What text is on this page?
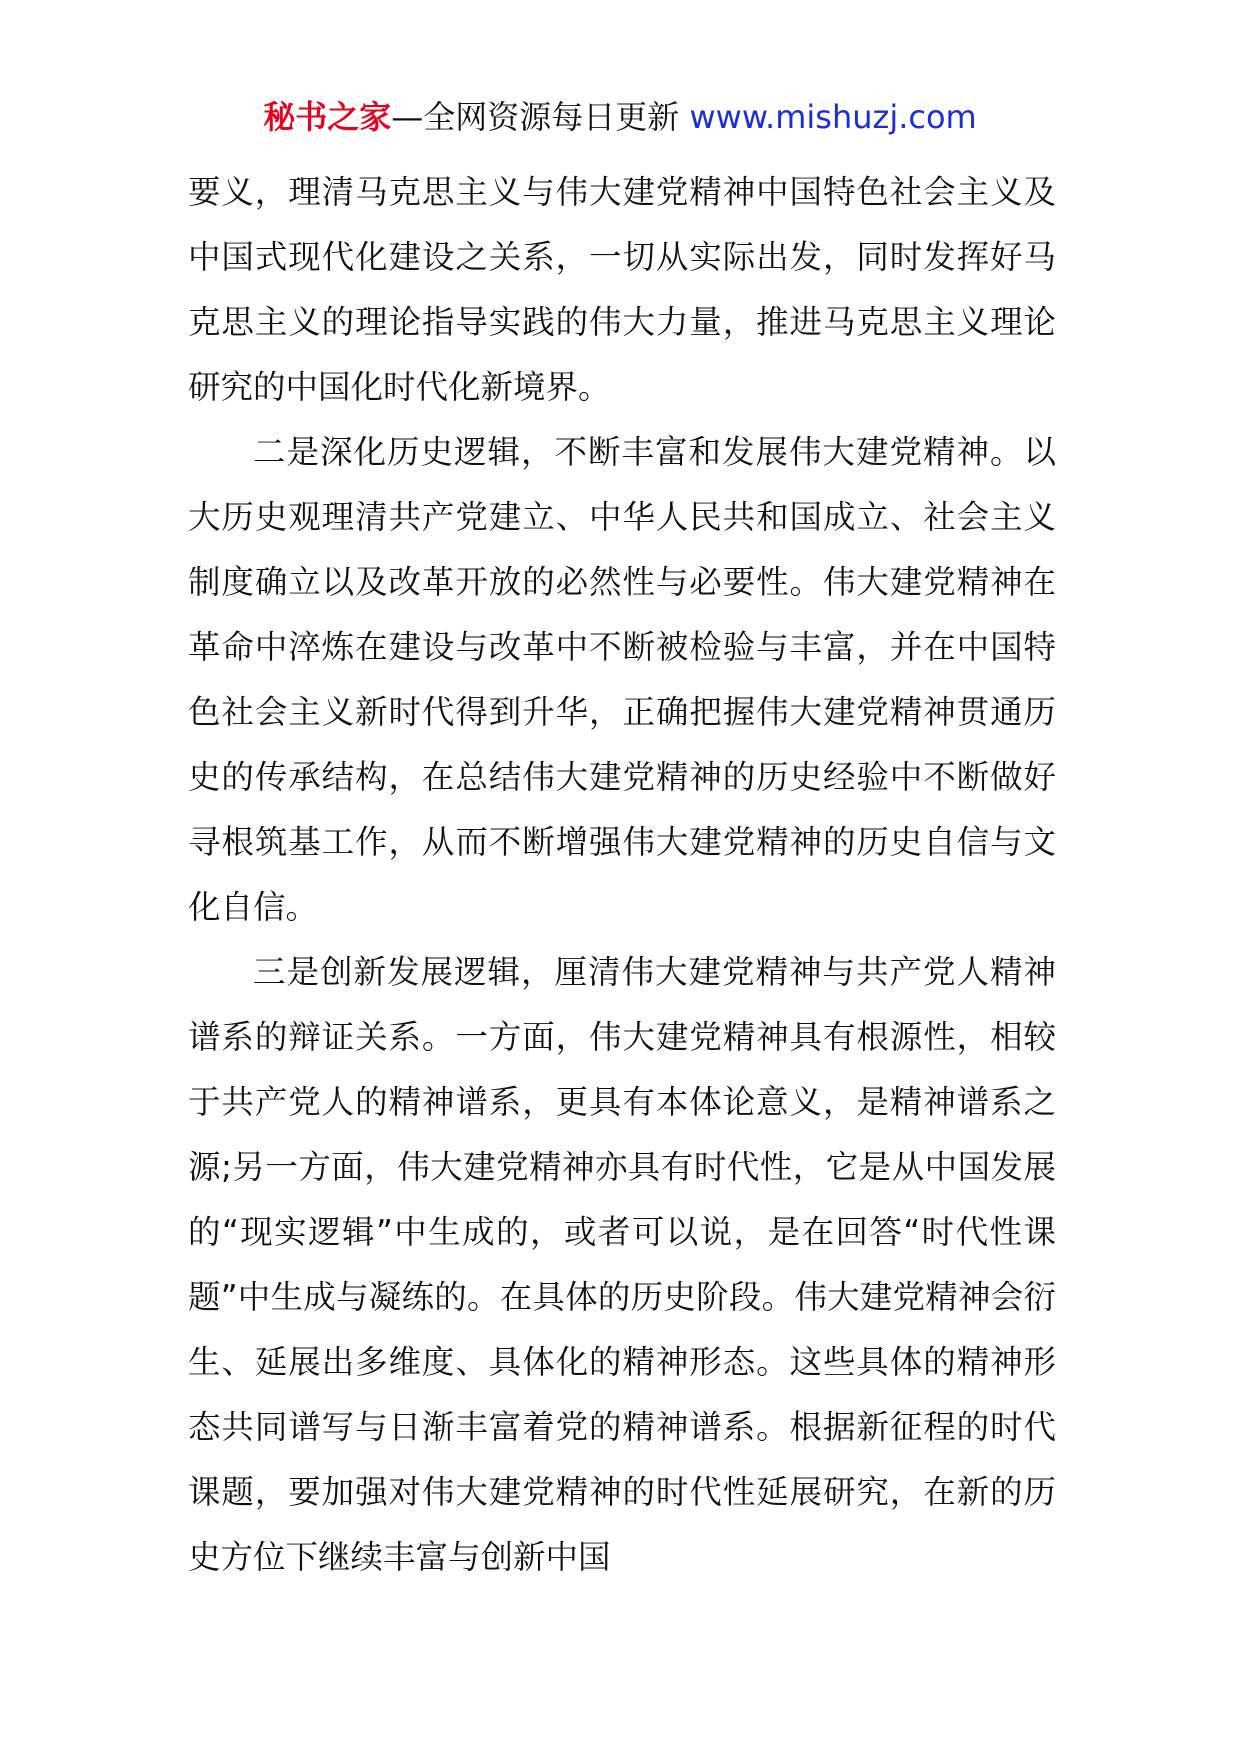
秘书之家—全网资源每日更新 www.mishuzj.com

要义，理清马克思主义与伟大建党精神中国特色社会主义及中国式现代化建设之关系，一切从实际出发，同时发挥好马克思主义的理论指导实践的伟大力量，推进马克思主义理论研究的中国化时代化新境界。

二是深化历史逻辑，不断丰富和发展伟大建党精神。以大历史观理清共产党建立、中华人民共和国成立、社会主义制度确立以及改革开放的必然性与必要性。伟大建党精神在革命中淬炼在建设与改革中不断被检验与丰富，并在中国特色社会主义新时代得到升华，正确把握伟大建党精神贯通历史的传承结构，在总结伟大建党精神的历史经验中不断做好寻根筑基工作，从而不断增强伟大建党精神的历史自信与文化自信。

三是创新发展逻辑，厘清伟大建党精神与共产党人精神谱系的辩证关系。一方面，伟大建党精神具有根源性，相较于共产党人的精神谱系，更具有本体论意义，是精神谱系之源;另一方面，伟大建党精神亦具有时代性，它是从中国发展的“现实逻辑”中生成的，或者可以说，是在回答“时代性课题”中生成与凝练的。在具体的历史阶段。伟大建党精神会衍生、延展出多维度、具体化的精神形态。这些具体的精神形态共同谱写与日渐丰富着党的精神谱系。根据新征程的时代课题，要加强对伟大建党精神的时代性延展研究，在新的历史方位下继续丰富与创新中国
